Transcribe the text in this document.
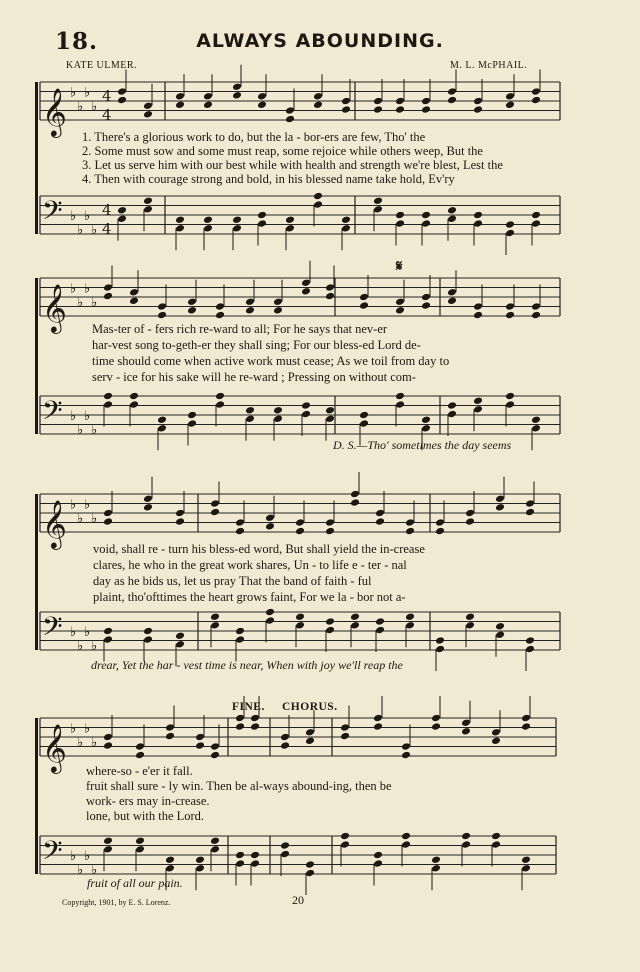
18.	ALWAYS ABOUNDING.
KATE ULMER.	M. L. McPHAIL.
𝄞
𝄢
♭
♭
♭
♭
♭
♭
♭
♭
4
4
4
4
𝄞
𝄢
♭
♭
♭
♭
♭
♭
♭
♭
𝄞
𝄢
♭
♭
♭
♭
♭
♭
♭
♭
𝄞
𝄢
♭
♭
♭
♭
♭
♭
♭
♭
1. There's a glorious work to do, but the la - bor-ers are few, Tho' the
2. Some must sow and some must reap, some rejoice while others weep, But the
3. Let us serve him with our best while with health and strength we're blest, Lest the
4. Then with courage strong and bold, in his blessed name take hold, Ev'ry
𝄋
Mas-ter of - fers rich re-ward to all; For he says that nev-er
har-vest song to-geth-er they shall sing; For our bless-ed Lord de-
time should come when active work must cease; As we toil from day to
serv - ice for his sake will he re-ward ; Pressing on without com-
D. S.—Tho' sometimes the day seems
void, shall re - turn his bless-ed word, But shall yield the in-crease
clares, he who in the great work shares, Un - to life e - ter - nal
day as he bids us, let us pray That the band of faith - ful
plaint, tho'ofttimes the heart grows faint, For we la - bor not a-
drear, Yet the har - vest time is near, When with joy we'll reap the
FINE. CHORUS.
where-so - e'er it fall.
fruit shall sure - ly win. Then be al-ways abound-ing, then be
work- ers may in-crease.
lone, but with the Lord.
fruit of all our pain.
Copyright, 1901, by E. S. Lorenz.	20
